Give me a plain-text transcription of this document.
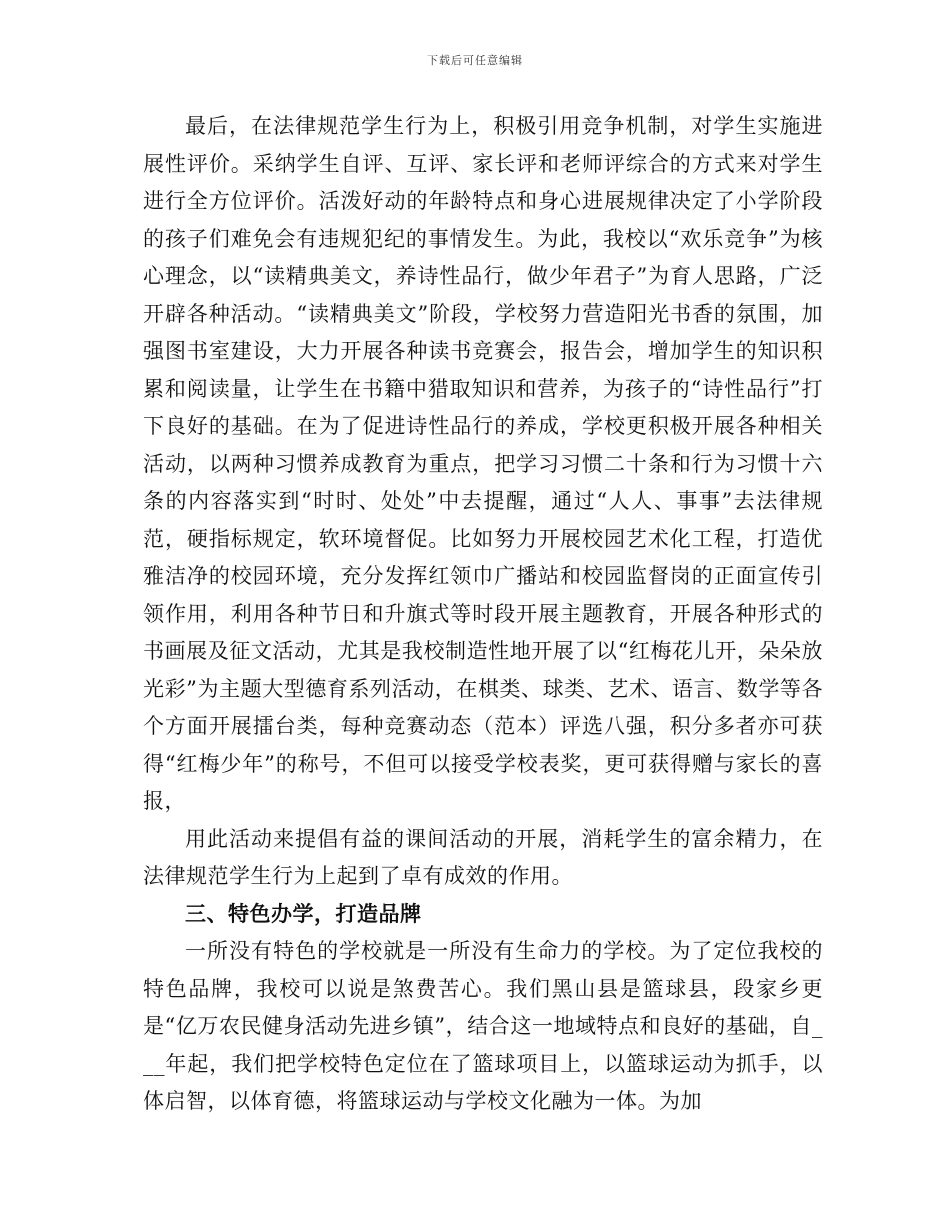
下载后可任意编辑

最后，在法律规范学生行为上，积极引用竞争机制，对学生实施进展性评价。采纳学生自评、互评、家长评和老师评综合的方式来对学生进行全方位评价。活泼好动的年龄特点和身心进展规律决定了小学阶段的孩子们难免会有违规犯纪的事情发生。为此，我校以“欢乐竞争”为核心理念，以“读精典美文，养诗性品行，做少年君子”为育人思路，广泛开辟各种活动。“读精典美文”阶段，学校努力营造阳光书香的氛围，加强图书室建设，大力开展各种读书竞赛会，报告会，增加学生的知识积累和阅读量，让学生在书籍中猎取知识和营养，为孩子的“诗性品行”打下良好的基础。在为了促进诗性品行的养成，学校更积极开展各种相关活动，以两种习惯养成教育为重点，把学习习惯二十条和行为习惯十六条的内容落实到“时时、处处”中去提醒，通过“人人、事事”去法律规范，硬指标规定，软环境督促。比如努力开展校园艺术化工程，打造优雅洁净的校园环境，充分发挥红领巾广播站和校园监督岗的正面宣传引领作用，利用各种节日和升旗式等时段开展主题教育，开展各种形式的书画展及征文活动，尤其是我校制造性地开展了以“红梅花儿开，朵朵放光彩”为主题大型德育系列活动，在棋类、球类、艺术、语言、数学等各个方面开展擂台类，每种竞赛动态（范本）评选八强，积分多者亦可获得“红梅少年”的称号，不但可以接受学校表奖，更可获得赠与家长的喜报，

用此活动来提倡有益的课间活动的开展，消耗学生的富余精力，在法律规范学生行为上起到了卓有成效的作用。

三、特色办学，打造品牌

一所没有特色的学校就是一所没有生命力的学校。为了定位我校的特色品牌，我校可以说是煞费苦心。我们黑山县是篮球县，段家乡更是“亿万农民健身活动先进乡镇”，结合这一地域特点和良好的基础，自___年起，我们把学校特色定位在了篮球项目上，以篮球运动为抓手，以体启智，以体育德，将篮球运动与学校文化融为一体。为加
